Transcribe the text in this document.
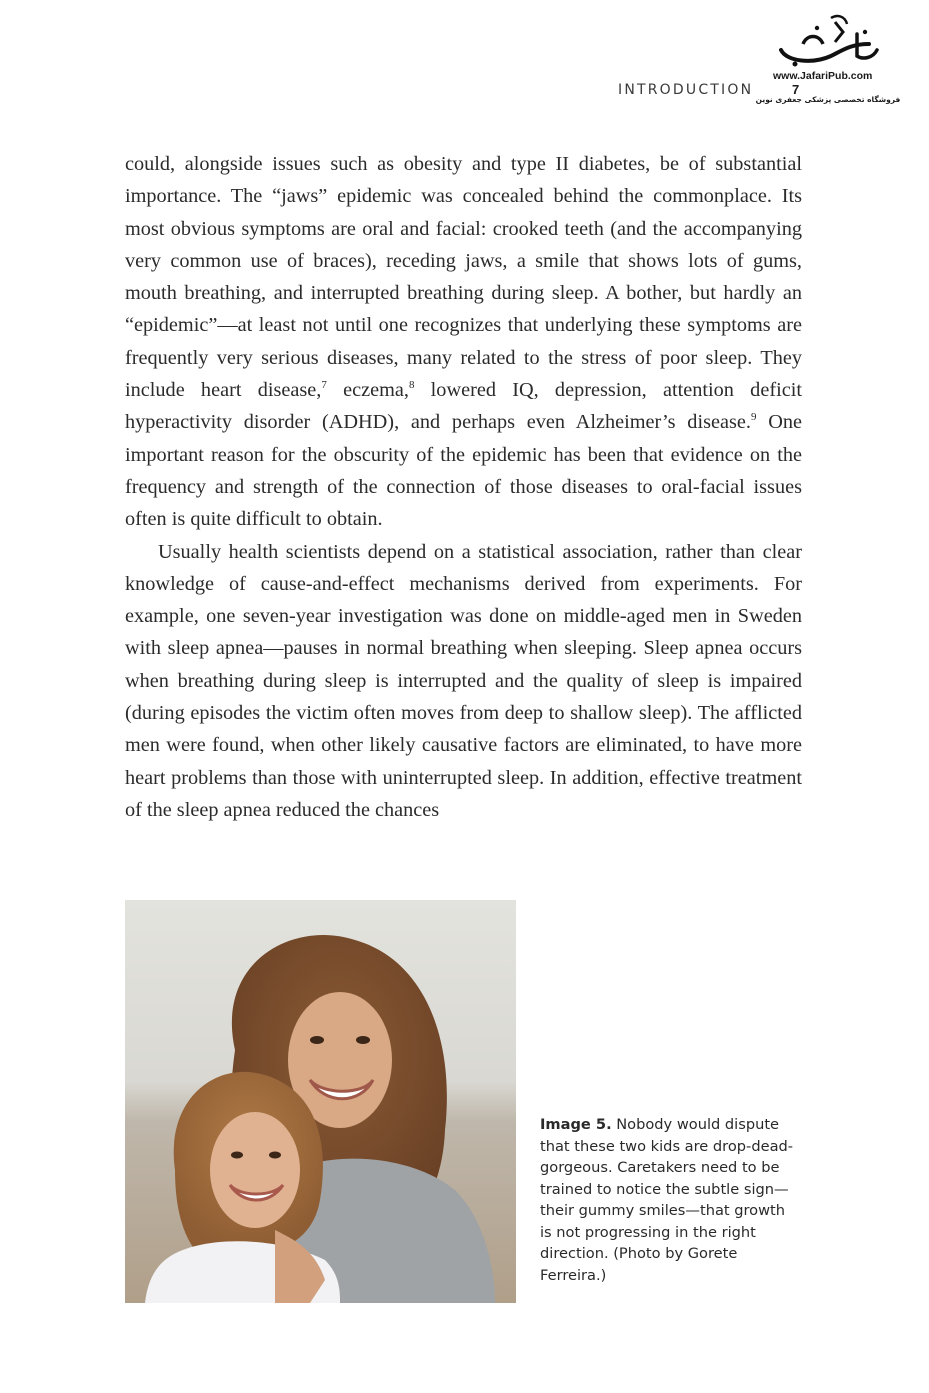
INTRODUCTION
www.JafariPub.com
7
فروشگاه تخصصی پزشکی جعفری نوین

could, alongside issues such as obesity and type II diabetes, be of substantial importance. The “jaws” epidemic was concealed behind the commonplace. Its most obvious symptoms are oral and facial: crooked teeth (and the accompanying very common use of braces), receding jaws, a smile that shows lots of gums, mouth breathing, and interrupted breathing during sleep. A bother, but hardly an “epidemic”—at least not until one recognizes that underlying these symptoms are frequently very serious diseases, many related to the stress of poor sleep. They include heart disease,$^7$ eczema,$^8$ lowered IQ, depression, attention deficit hyperactivity disorder (ADHD), and perhaps even Alzheimer’s disease.$^9$ One important reason for the obscurity of the epidemic has been that evidence on the frequency and strength of the connection of those diseases to oral-facial issues often is quite difficult to obtain.

Usually health scientists depend on a statistical association, rather than clear knowledge of cause-and-effect mechanisms derived from experiments. For example, one seven-year investigation was done on middle-aged men in Sweden with sleep apnea—pauses in normal breathing when sleeping. Sleep apnea occurs when breathing during sleep is interrupted and the quality of sleep is impaired (during episodes the victim often moves from deep to shallow sleep). The afflicted men were found, when other likely causative factors are eliminated, to have more heart problems than those with uninterrupted sleep. In addition, effective treatment of the sleep apnea reduced the chances

Image 5. Nobody would dispute that these two kids are drop-dead-gorgeous. Caretakers need to be trained to notice the subtle sign—their gummy smiles—that growth is not progressing in the right direction. (Photo by Gorete Ferreira.)
